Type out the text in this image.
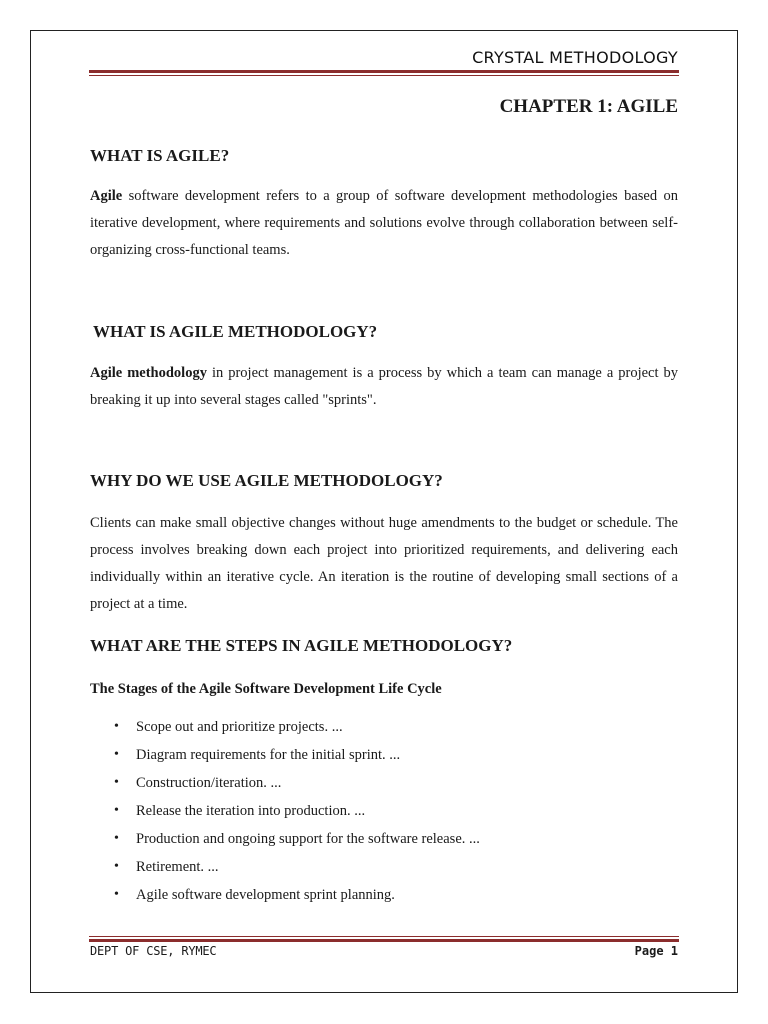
CRYSTAL METHODOLOGY
CHAPTER 1: AGILE
WHAT IS AGILE?
Agile software development refers to a group of software development methodologies based on iterative development, where requirements and solutions evolve through collaboration between self-organizing cross-functional teams.
WHAT IS AGILE METHODOLOGY?
Agile methodology in project management is a process by which a team can manage a project by breaking it up into several stages called "sprints".
WHY DO WE USE AGILE METHODOLOGY?
Clients can make small objective changes without huge amendments to the budget or schedule. The process involves breaking down each project into prioritized requirements, and delivering each individually within an iterative cycle. An iteration is the routine of developing small sections of a project at a time.
WHAT ARE THE STEPS IN AGILE METHODOLOGY?
The Stages of the Agile Software Development Life Cycle
• Scope out and prioritize projects. ...
• Diagram requirements for the initial sprint. ...
• Construction/iteration. ...
• Release the iteration into production. ...
• Production and ongoing support for the software release. ...
• Retirement. ...
• Agile software development sprint planning.
DEPT OF CSE, RYMEC	Page 1
